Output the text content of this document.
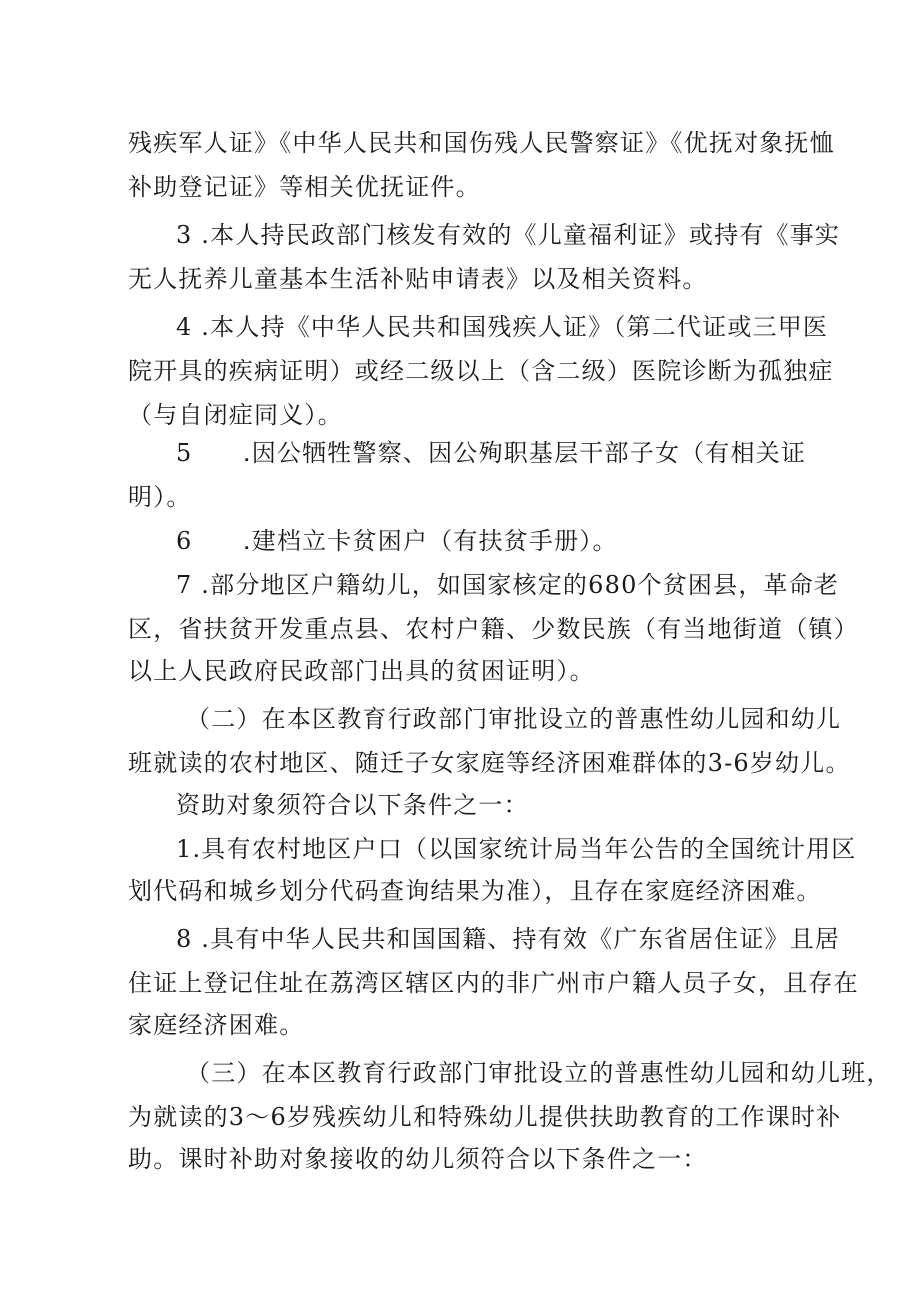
残疾军人证》《中华人民共和国伤残人民警察证》《优抚对象抚恤
补助登记证》等相关优抚证件。
3 .本人持民政部门核发有效的《儿童福利证》或持有《事实
无人抚养儿童基本生活补贴申请表》以及相关资料。
4 .本人持《中华人民共和国残疾人证》（第二代证或三甲医
院开具的疾病证明）或经二级以上（含二级）医院诊断为孤独症
（与自闭症同义）。
5　　.因公牺牲警察、因公殉职基层干部子女（有相关证
明）。
6　　.建档立卡贫困户（有扶贫手册）。
7 .部分地区户籍幼儿，如国家核定的680个贫困县，革命老
区，省扶贫开发重点县、农村户籍、少数民族（有当地街道（镇）
以上人民政府民政部门出具的贫困证明）。
（二）在本区教育行政部门审批设立的普惠性幼儿园和幼儿
班就读的农村地区、随迁子女家庭等经济困难群体的3-6岁幼儿。
资助对象须符合以下条件之一：
1.具有农村地区户口（以国家统计局当年公告的全国统计用区
划代码和城乡划分代码查询结果为准），且存在家庭经济困难。
8 .具有中华人民共和国国籍、持有效《广东省居住证》且居
住证上登记住址在荔湾区辖区内的非广州市户籍人员子女，且存在
家庭经济困难。
（三）在本区教育行政部门审批设立的普惠性幼儿园和幼儿班，
为就读的3～6岁残疾幼儿和特殊幼儿提供扶助教育的工作课时补
助。课时补助对象接收的幼儿须符合以下条件之一：
